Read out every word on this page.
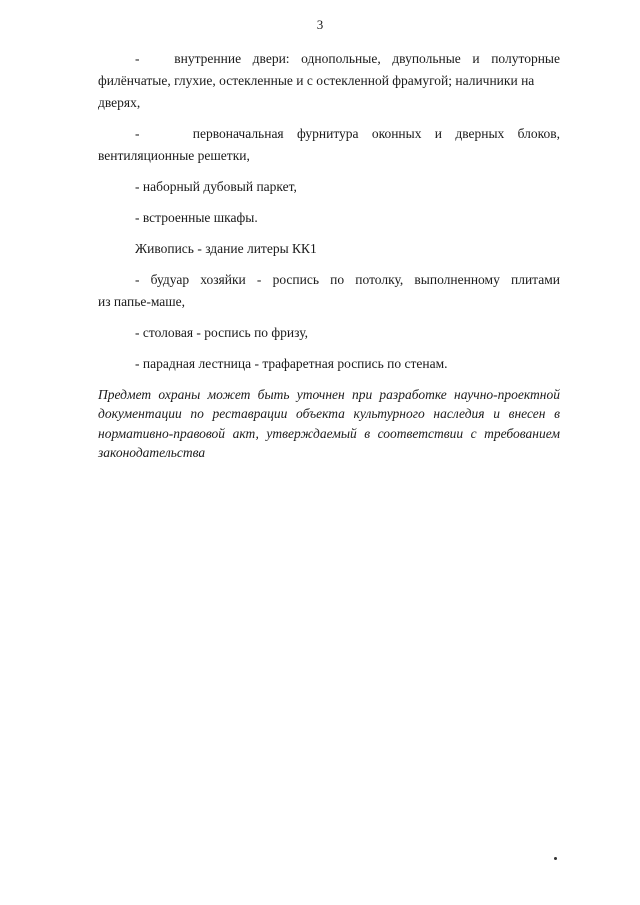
3

-   внутренние двери: однопольные, двупольные и полуторные

филёнчатые, глухие, остекленные и с остекленной фрамугой; наличники на дверях,

-    первоначальная фурнитура оконных и дверных блоков,

вентиляционные решетки,

- наборный дубовый паркет,

- встроенные шкафы.

Живопись - здание литеры КК1

- будуар хозяйки - роспись по потолку, выполненному плитами

из папье-маше,

- столовая - роспись по фризу,

- парадная лестница - трафаретная роспись по стенам.

Предмет охраны может быть уточнен при разработке научно-проектной документации по реставрации объекта культурного наследия и внесен в нормативно-правовой акт, утверждаемый в соответствии с требованием законодательства
